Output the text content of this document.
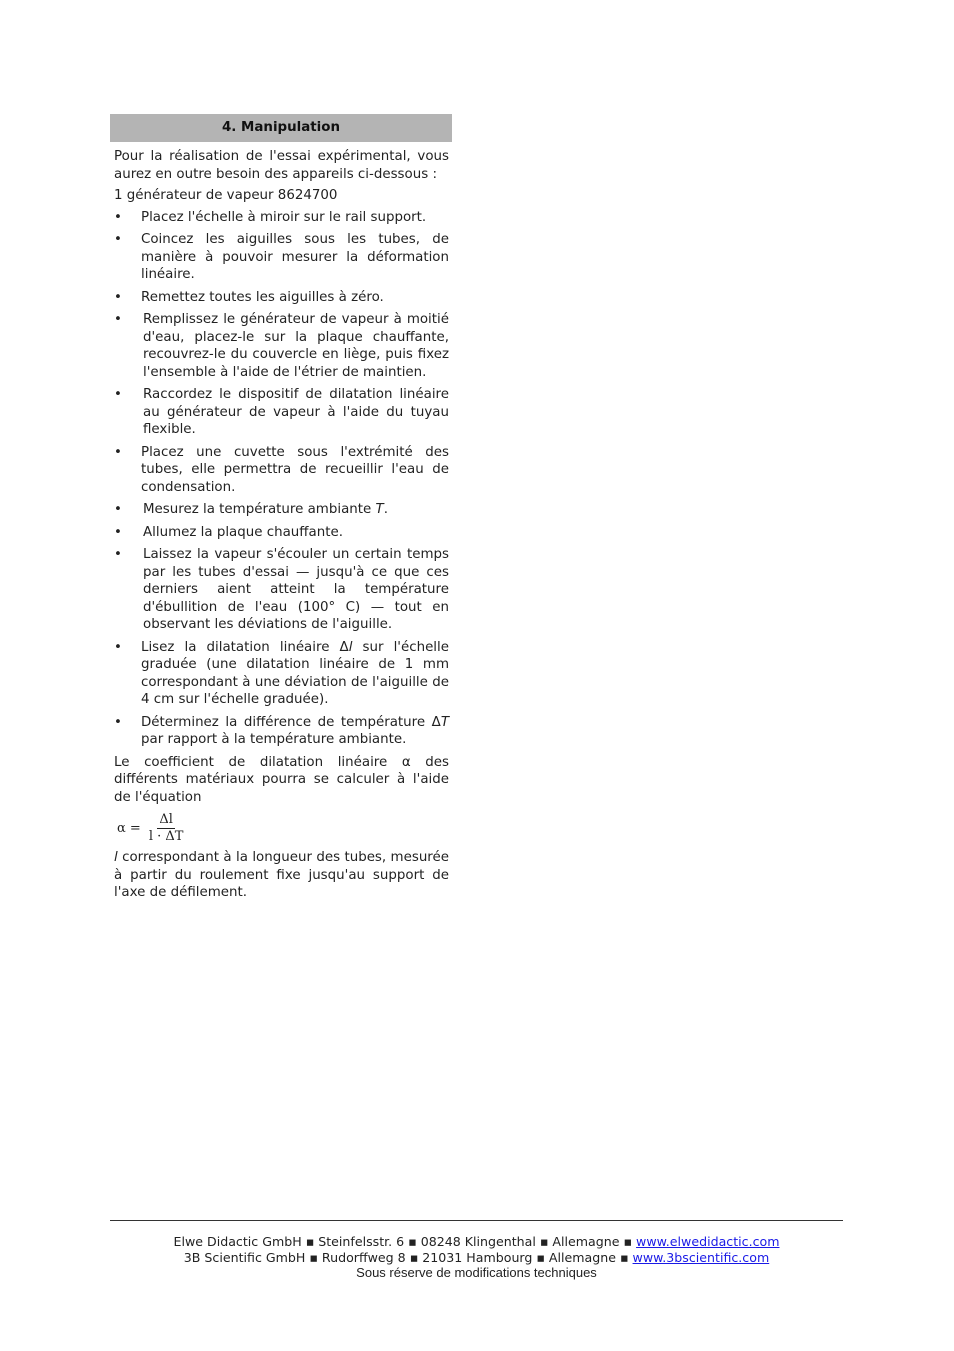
4. Manipulation

Pour la réalisation de l'essai expérimental, vous aurez en outre besoin des appareils ci-dessous :

1 générateur de vapeur 8624700

• Placez l'échelle à miroir sur le rail support.
• Coincez les aiguilles sous les tubes, de manière à pouvoir mesurer la déformation linéaire.
• Remettez toutes les aiguilles à zéro.
• Remplissez le générateur de vapeur à moitié d'eau, placez-le sur la plaque chauffante, recouvrez-le du couvercle en liège, puis fixez l'ensemble à l'aide de l'étrier de maintien.
• Raccordez le dispositif de dilatation linéaire au générateur de vapeur à l'aide du tuyau flexible.
• Placez une cuvette sous l'extrémité des tubes, elle permettra de recueillir l'eau de condensation.
• Mesurez la température ambiante T.
• Allumez la plaque chauffante.
• Laissez la vapeur s'écouler un certain temps par les tubes d'essai — jusqu'à ce que ces derniers aient atteint la température d'ébullition de l'eau (100° C) — tout en observant les déviations de l'aiguille.
• Lisez la dilatation linéaire Δl sur l'échelle graduée (une dilatation linéaire de 1 mm correspondant à une déviation de l'aiguille de 4 cm sur l'échelle graduée).
• Déterminez la différence de température ΔT par rapport à la température ambiante.

Le coefficient de dilatation linéaire α des différents matériaux pourra se calculer à l'aide de l'équation

$\alpha = \frac{\Delta l}{l \cdot \Delta T}$

l correspondant à la longueur des tubes, mesurée à partir du roulement fixe jusqu'au support de l'axe de défilement.

Elwe Didactic GmbH ▪ Steinfelsstr. 6 ▪ 08248 Klingenthal ▪ Allemagne ▪ www.elwedidactic.com
3B Scientific GmbH ▪ Rudorffweg 8 ▪ 21031 Hambourg ▪ Allemagne ▪ www.3bscientific.com
Sous réserve de modifications techniques
